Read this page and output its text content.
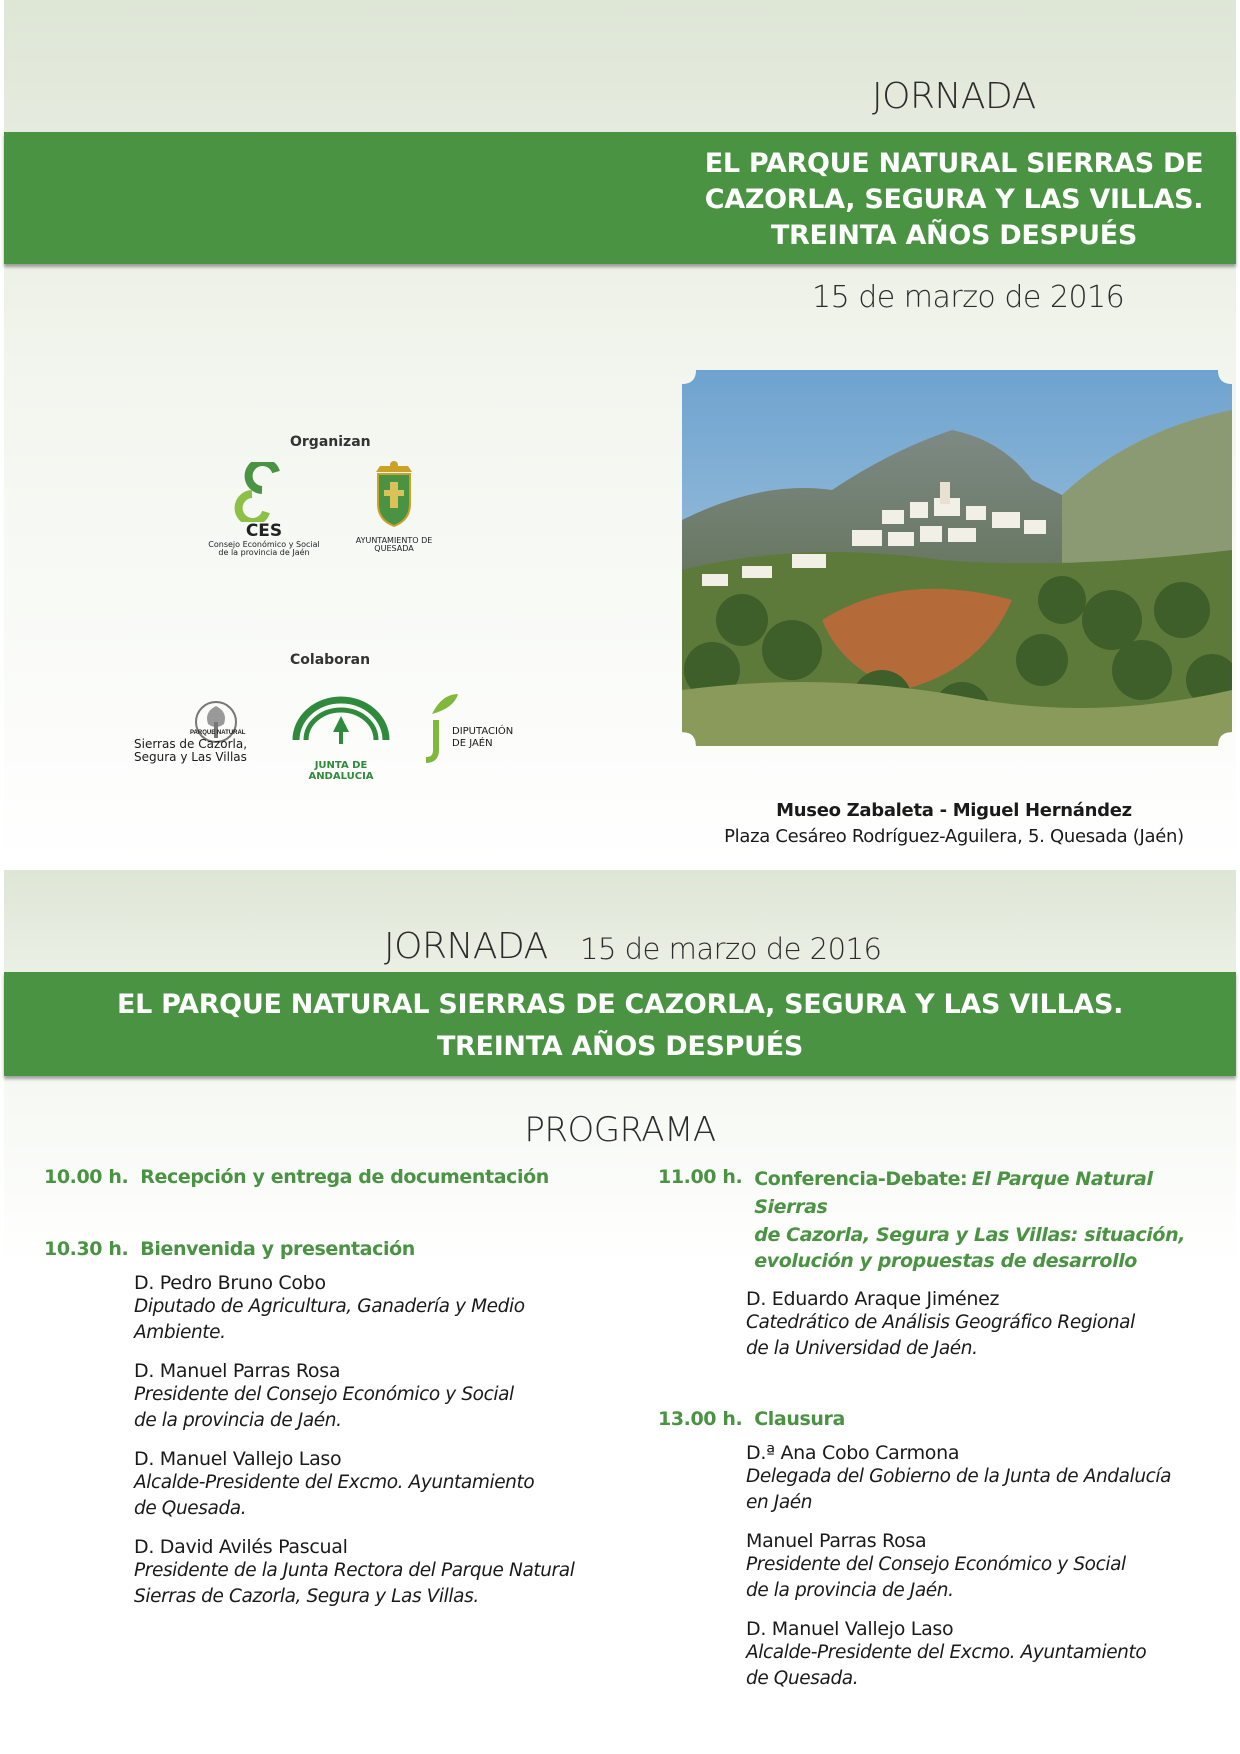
JORNADA
EL PARQUE NATURAL SIERRAS DE
CAZORLA, SEGURA Y LAS VILLAS.
TREINTA AÑOS DESPUÉS
15 de marzo de 2016
Organizan
CES
Consejo Económico y Social
de la provincia de Jaén
AYUNTAMIENTO DE
QUESADA
Colaboran
PARQUE NATURAL
Sierras de Cazorla,
Segura y Las Villas
JUNTA DE ANDALUCIA
DIPUTACIÓN
DE JAÉN
Museo Zabaleta - Miguel Hernández
Plaza Cesáreo Rodríguez-Aguilera, 5. Quesada (Jaén)
JORNADA 15 de marzo de 2016
EL PARQUE NATURAL SIERRAS DE CAZORLA, SEGURA Y LAS VILLAS.
TREINTA AÑOS DESPUÉS
PROGRAMA
10.00 h. Recepción y entrega de documentación
10.30 h. Bienvenida y presentación
D. Pedro Bruno Cobo
Diputado de Agricultura, Ganadería y Medio
Ambiente.
D. Manuel Parras Rosa
Presidente del Consejo Económico y Social
de la provincia de Jaén.
D. Manuel Vallejo Laso
Alcalde-Presidente del Excmo. Ayuntamiento
de Quesada.
D. David Avilés Pascual
Presidente de la Junta Rectora del Parque Natural
Sierras de Cazorla, Segura y Las Villas.
11.00 h. Conferencia-Debate: El Parque Natural Sierras
de Cazorla, Segura y Las Villas: situación,
evolución y propuestas de desarrollo
D. Eduardo Araque Jiménez
Catedrático de Análisis Geográfico Regional
de la Universidad de Jaén.
13.00 h. Clausura
D.ª Ana Cobo Carmona
Delegada del Gobierno de la Junta de Andalucía
en Jaén
Manuel Parras Rosa
Presidente del Consejo Económico y Social
de la provincia de Jaén.
D. Manuel Vallejo Laso
Alcalde-Presidente del Excmo. Ayuntamiento
de Quesada.
